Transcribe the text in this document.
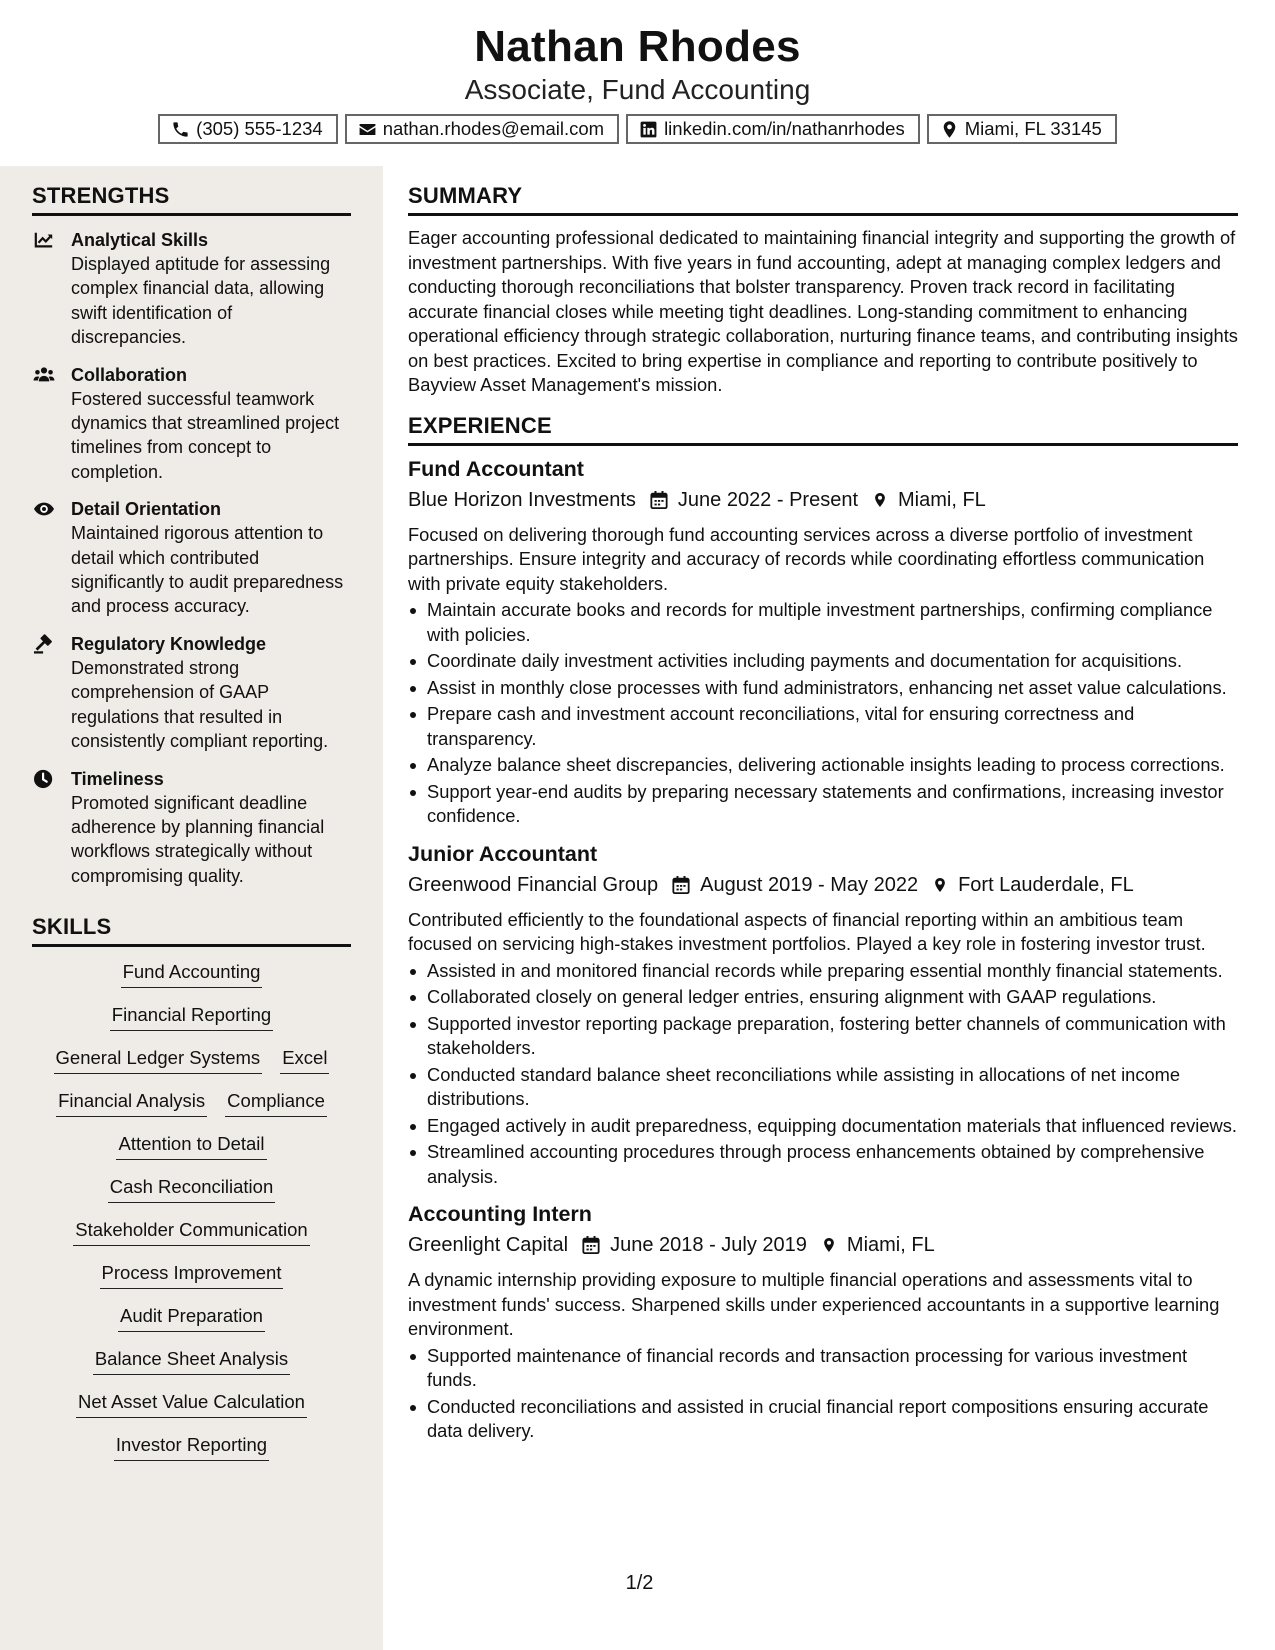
Nathan Rhodes
Associate, Fund Accounting
(305) 555-1234	nathan.rhodes@email.com	linkedin.com/in/nathanrhodes	Miami, FL 33145
STRENGTHS
Analytical Skills
Displayed aptitude for assessing complex financial data, allowing swift identification of discrepancies.
Collaboration
Fostered successful teamwork dynamics that streamlined project timelines from concept to completion.
Detail Orientation
Maintained rigorous attention to detail which contributed significantly to audit preparedness and process accuracy.
Regulatory Knowledge
Demonstrated strong comprehension of GAAP regulations that resulted in consistently compliant reporting.
Timeliness
Promoted significant deadline adherence by planning financial workflows strategically without compromising quality.
SKILLS
Fund Accounting
Financial Reporting
General Ledger Systems Excel
Financial Analysis Compliance
Attention to Detail
Cash Reconciliation
Stakeholder Communication
Process Improvement
Audit Preparation
Balance Sheet Analysis
Net Asset Value Calculation
Investor Reporting
SUMMARY
Eager accounting professional dedicated to maintaining financial integrity and supporting the growth of investment partnerships. With five years in fund accounting, adept at managing complex ledgers and conducting thorough reconciliations that bolster transparency. Proven track record in facilitating accurate financial closes while meeting tight deadlines. Long-standing commitment to enhancing operational efficiency through strategic collaboration, nurturing finance teams, and contributing insights on best practices. Excited to bring expertise in compliance and reporting to contribute positively to Bayview Asset Management's mission.
EXPERIENCE
Fund Accountant
Blue Horizon Investments June 2022 - Present Miami, FL
Focused on delivering thorough fund accounting services across a diverse portfolio of investment partnerships. Ensure integrity and accuracy of records while coordinating effortless communication with private equity stakeholders.
Maintain accurate books and records for multiple investment partnerships, confirming compliance with policies.
Coordinate daily investment activities including payments and documentation for acquisitions.
Assist in monthly close processes with fund administrators, enhancing net asset value calculations.
Prepare cash and investment account reconciliations, vital for ensuring correctness and transparency.
Analyze balance sheet discrepancies, delivering actionable insights leading to process corrections.
Support year-end audits by preparing necessary statements and confirmations, increasing investor confidence.
Junior Accountant
Greenwood Financial Group August 2019 - May 2022 Fort Lauderdale, FL
Contributed efficiently to the foundational aspects of financial reporting within an ambitious team focused on servicing high-stakes investment portfolios. Played a key role in fostering investor trust.
Assisted in and monitored financial records while preparing essential monthly financial statements.
Collaborated closely on general ledger entries, ensuring alignment with GAAP regulations.
Supported investor reporting package preparation, fostering better channels of communication with stakeholders.
Conducted standard balance sheet reconciliations while assisting in allocations of net income distributions.
Engaged actively in audit preparedness, equipping documentation materials that influenced reviews.
Streamlined accounting procedures through process enhancements obtained by comprehensive analysis.
Accounting Intern
Greenlight Capital June 2018 - July 2019 Miami, FL
A dynamic internship providing exposure to multiple financial operations and assessments vital to investment funds' success. Sharpened skills under experienced accountants in a supportive learning environment.
Supported maintenance of financial records and transaction processing for various investment funds.
Conducted reconciliations and assisted in crucial financial report compositions ensuring accurate data delivery.
1/2
